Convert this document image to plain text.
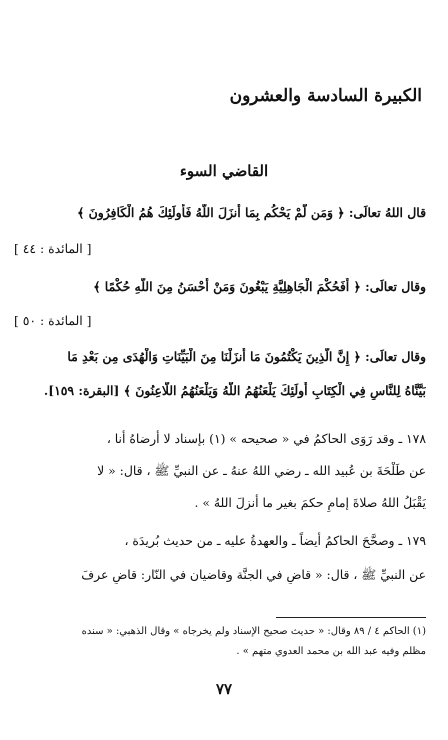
الكبيرة السادسة والعشرون
القاضي السوء
قال اللهُ تعالَى: ﴿ وَمَن لَّمْ يَحْكُم بِمَا أَنزَلَ اللَّهُ فَأُولَئِكَ هُمُ الْكَافِرُونَ ﴾
[ المائدة : ٤٤ ]
وقال تعالَى: ﴿ أَفَحُكْمَ الْجَاهِلِيَّةِ يَبْغُونَ وَمَنْ أَحْسَنُ مِنَ اللَّهِ حُكْمًا ﴾
[ المائدة : ٥٠ ]
وقال تعالَى: ﴿ إِنَّ الَّذِينَ يَكْتُمُونَ مَا أَنزَلْنَا مِنَ الْبَيِّنَاتِ وَالْهُدَى مِن بَعْدِ مَا
بَيَّنَّاهُ لِلنَّاسِ فِي الْكِتَابِ أُولَئِكَ يَلْعَنُهُمُ اللَّهُ وَيَلْعَنُهُمُ اللَّاعِنُونَ ﴾ [البقرة: ١٥٩].
١٧٨ ـ وقد رَوَى الحاكمُ في « صحيحه » (١) بإسناد لا أرضاهُ أنا ،
عن طَلْحَةَ بن عُبيد الله ـ رضي اللهُ عنهُ ـ عن النبيِّ ﷺ ، قال: « لا
يَقْبَلُ اللهُ صلاةَ إمامٍ حكمَ بغير ما أنزلَ اللهُ » .
١٧٩ ـ وصحَّحَ الحاكمُ أيضاً ـ والعهدةُ عليه ـ من حديث بُريدَة ،
عن النبيِّ ﷺ ، قال: « قاضٍ في الجنَّة وقاضيان في النّار: قاضٍ عرفَ
(١) الحاكم ٤ / ٨٩ وقال: « حديث صحيح الإسناد ولم يخرجاه » وقال الذهبي: « سنده
مظلم وفيه عبد الله بن محمد العدوي متهم » .
٧٧
